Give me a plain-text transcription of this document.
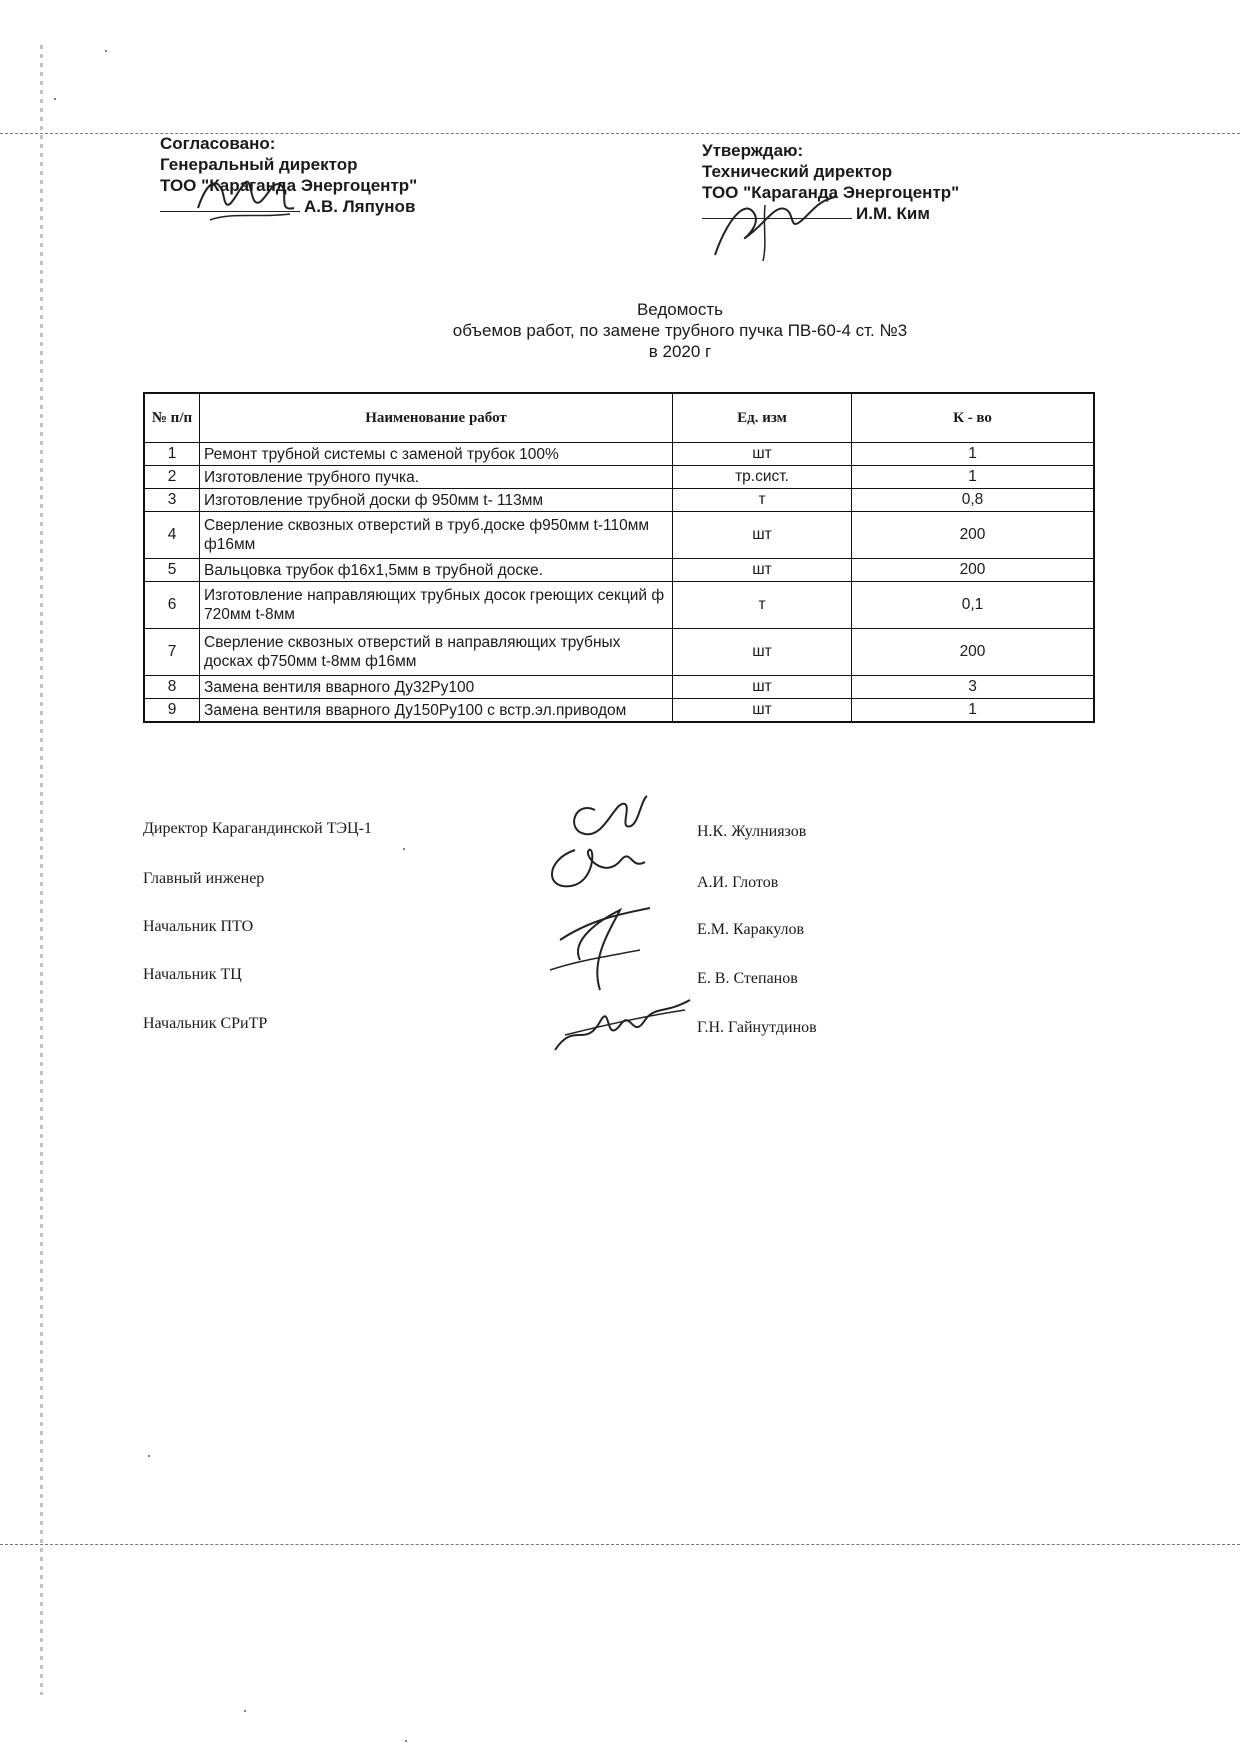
Согласовано:
Генеральный директор
ТОО "Караганда Энергоцентр"
А.В. Ляпунов
Утверждаю:
Технический директор
ТОО "Караганда Энергоцентр"
И.М. Ким
Ведомость
объемов работ, по замене трубного пучка ПВ-60-4 ст. №3
в 2020 г
№ п/п	Наименование работ	Ед. изм	К - во
1	Ремонт трубной системы с заменой трубок 100%	шт	1
2	Изготовление трубного пучка.	тр.сист.	1
3	Изготовление трубной доски ф 950мм t- 113мм	т	0,8
4	Сверление сквозных отверстий в труб.доске ф950мм t-110мм ф16мм	шт	200
5	Вальцовка трубок ф16х1,5мм в трубной доске.	шт	200
6	Изготовление направляющих трубных досок греющих секций ф 720мм t-8мм	т	0,1
7	Сверление сквозных отверстий в направляющих трубных досках ф750мм t-8мм ф16мм	шт	200
8	Замена вентиля вварного Ду32Ру100	шт	3
9	Замена вентиля вварного Ду150Ру100 с встр.эл.приводом	шт	1
Директор Карагандинской ТЭЦ-1	Н.К. Жулниязов
Главный инженер	А.И. Глотов
Начальник ПТО	Е.М. Каракулов
Начальник ТЦ	Е. В. Степанов
Начальник СРиТР	Г.Н. Гайнутдинов
